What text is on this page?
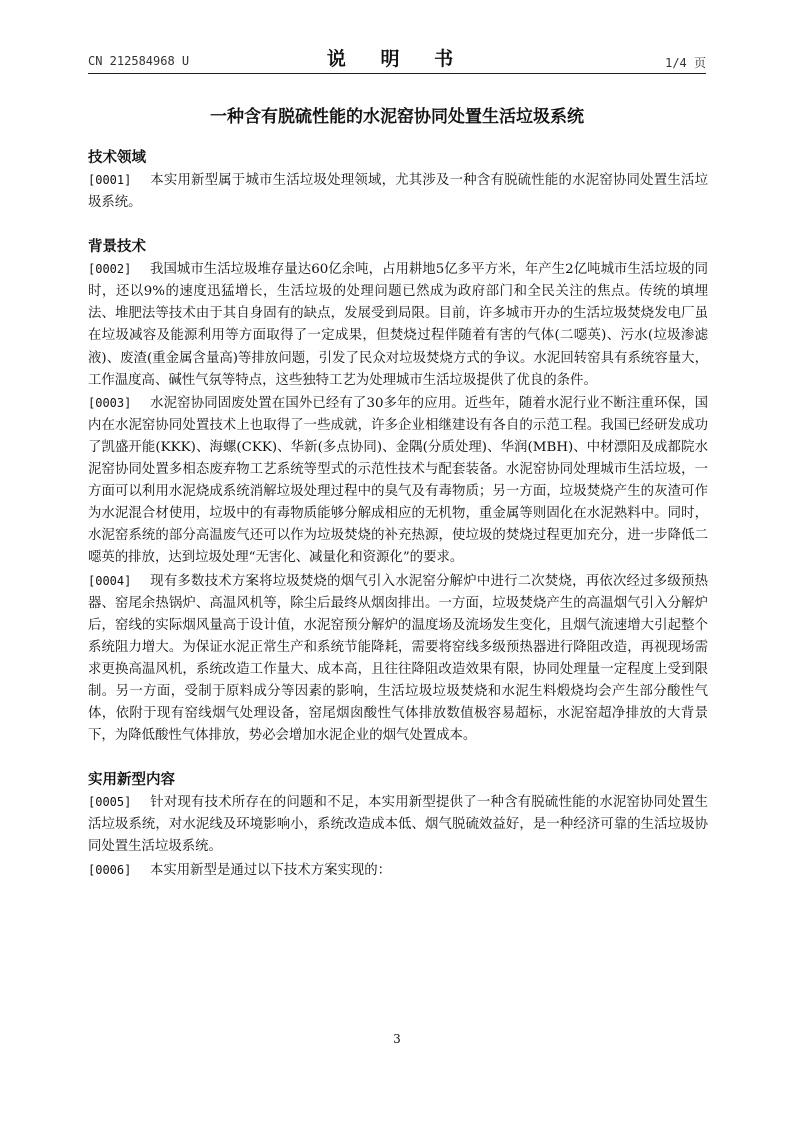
CN 212584968 U	说 明 书	1/4 页
一种含有脱硫性能的水泥窑协同处置生活垃圾系统

技术领域

[0001] 本实用新型属于城市生活垃圾处理领域，尤其涉及一种含有脱硫性能的水泥窑协同处置生活垃圾系统。

背景技术

[0002] 我国城市生活垃圾堆存量达60亿余吨，占用耕地5亿多平方米，年产生2亿吨城市生活垃圾的同时，还以9%的速度迅猛增长，生活垃圾的处理问题已然成为政府部门和全民关注的焦点。传统的填埋法、堆肥法等技术由于其自身固有的缺点，发展受到局限。目前，许多城市开办的生活垃圾焚烧发电厂虽在垃圾减容及能源利用等方面取得了一定成果，但焚烧过程伴随着有害的气体(二噁英)、污水(垃圾渗滤液)、废渣(重金属含量高)等排放问题，引发了民众对垃圾焚烧方式的争议。水泥回转窑具有系统容量大，工作温度高、碱性气氛等特点，这些独特工艺为处理城市生活垃圾提供了优良的条件。

[0003] 水泥窑协同固废处置在国外已经有了30多年的应用。近些年，随着水泥行业不断注重环保，国内在水泥窑协同处置技术上也取得了一些成就，许多企业相继建设有各自的示范工程。我国已经研发成功了凯盛开能(KKK)、海螺(CKK)、华新(多点协同)、金隅(分质处理)、华润(MBH)、中材漂阳及成都院水泥窑协同处置多相态废弃物工艺系统等型式的示范性技术与配套装备。水泥窑协同处理城市生活垃圾，一方面可以利用水泥烧成系统消解垃圾处理过程中的臭气及有毒物质；另一方面，垃圾焚烧产生的灰渣可作为水泥混合材使用，垃圾中的有毒物质能够分解成相应的无机物，重金属等则固化在水泥熟料中。同时，水泥窑系统的部分高温废气还可以作为垃圾焚烧的补充热源，使垃圾的焚烧过程更加充分，进一步降低二噁英的排放，达到垃圾处理“无害化、减量化和资源化”的要求。

[0004] 现有多数技术方案将垃圾焚烧的烟气引入水泥窑分解炉中进行二次焚烧，再依次经过多级预热器、窑尾余热锅炉、高温风机等，除尘后最终从烟囱排出。一方面，垃圾焚烧产生的高温烟气引入分解炉后，窑线的实际烟风量高于设计值，水泥窑预分解炉的温度场及流场发生变化，且烟气流速增大引起整个系统阻力增大。为保证水泥正常生产和系统节能降耗，需要将窑线多级预热器进行降阻改造，再视现场需求更换高温风机，系统改造工作量大、成本高，且往往降阻改造效果有限，协同处理量一定程度上受到限制。另一方面，受制于原料成分等因素的影响，生活垃圾垃圾焚烧和水泥生料煅烧均会产生部分酸性气体，依附于现有窑线烟气处理设备，窑尾烟囱酸性气体排放数值极容易超标，水泥窑超净排放的大背景下，为降低酸性气体排放，势必会增加水泥企业的烟气处置成本。

实用新型内容

[0005] 针对现有技术所存在的问题和不足，本实用新型提供了一种含有脱硫性能的水泥窑协同处置生活垃圾系统，对水泥线及环境影响小，系统改造成本低、烟气脱硫效益好，是一种经济可靠的生活垃圾协同处置生活垃圾系统。

[0006] 本实用新型是通过以下技术方案实现的：

3
